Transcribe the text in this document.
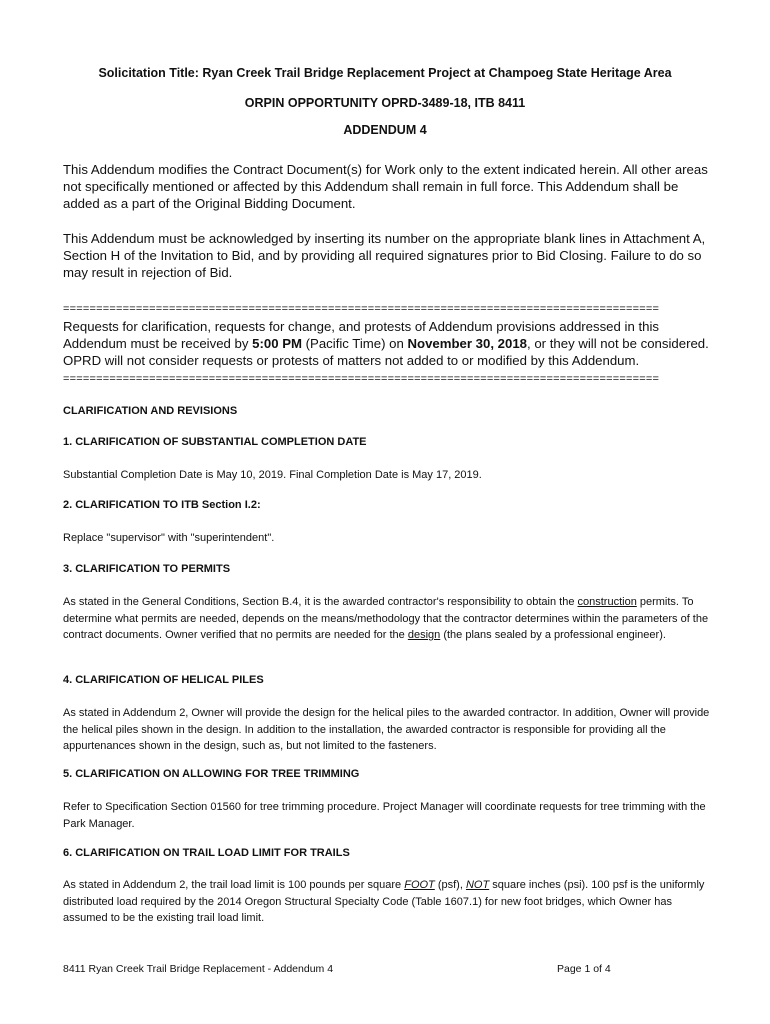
Solicitation Title: Ryan Creek Trail Bridge Replacement Project at Champoeg State Heritage Area
ORPIN OPPORTUNITY OPRD-3489-18, ITB 8411
ADDENDUM 4
This Addendum modifies the Contract Document(s) for Work only to the extent indicated herein. All other areas not specifically mentioned or affected by this Addendum shall remain in full force. This Addendum shall be added as a part of the Original Bidding Document.
This Addendum must be acknowledged by inserting its number on the appropriate blank lines in Attachment A, Section H of the Invitation to Bid, and by providing all required signatures prior to Bid Closing. Failure to do so may result in rejection of Bid.
==========================================================================================
Requests for clarification, requests for change, and protests of Addendum provisions addressed in this Addendum must be received by 5:00 PM (Pacific Time) on November 30, 2018, or they will not be considered. OPRD will not consider requests or protests of matters not added to or modified by this Addendum.
==========================================================================================
CLARIFICATION AND REVISIONS
1. CLARIFICATION OF SUBSTANTIAL COMPLETION DATE
Substantial Completion Date is May 10, 2019. Final Completion Date is May 17, 2019.
2. CLARIFICATION TO ITB Section I.2:
Replace "supervisor" with "superintendent".
3. CLARIFICATION TO PERMITS
As stated in the General Conditions, Section B.4, it is the awarded contractor's responsibility to obtain the construction permits. To determine what permits are needed, depends on the means/methodology that the contractor determines within the parameters of the contract documents. Owner verified that no permits are needed for the design (the plans sealed by a professional engineer).
4. CLARIFICATION OF HELICAL PILES
As stated in Addendum 2, Owner will provide the design for the helical piles to the awarded contractor. In addition, Owner will provide the helical piles shown in the design. In addition to the installation, the awarded contractor is responsible for providing all the appurtenances shown in the design, such as, but not limited to the fasteners.
5. CLARIFICATION ON ALLOWING FOR TREE TRIMMING
Refer to Specification Section 01560 for tree trimming procedure. Project Manager will coordinate requests for tree trimming with the Park Manager.
6. CLARIFICATION ON TRAIL LOAD LIMIT FOR TRAILS
As stated in Addendum 2, the trail load limit is 100 pounds per square FOOT (psf), NOT square inches (psi). 100 psf is the uniformly distributed load required by the 2014 Oregon Structural Specialty Code (Table 1607.1) for new foot bridges, which Owner has assumed to be the existing trail load limit.
8411 Ryan Creek Trail Bridge Replacement - Addendum 4	Page 1 of 4
